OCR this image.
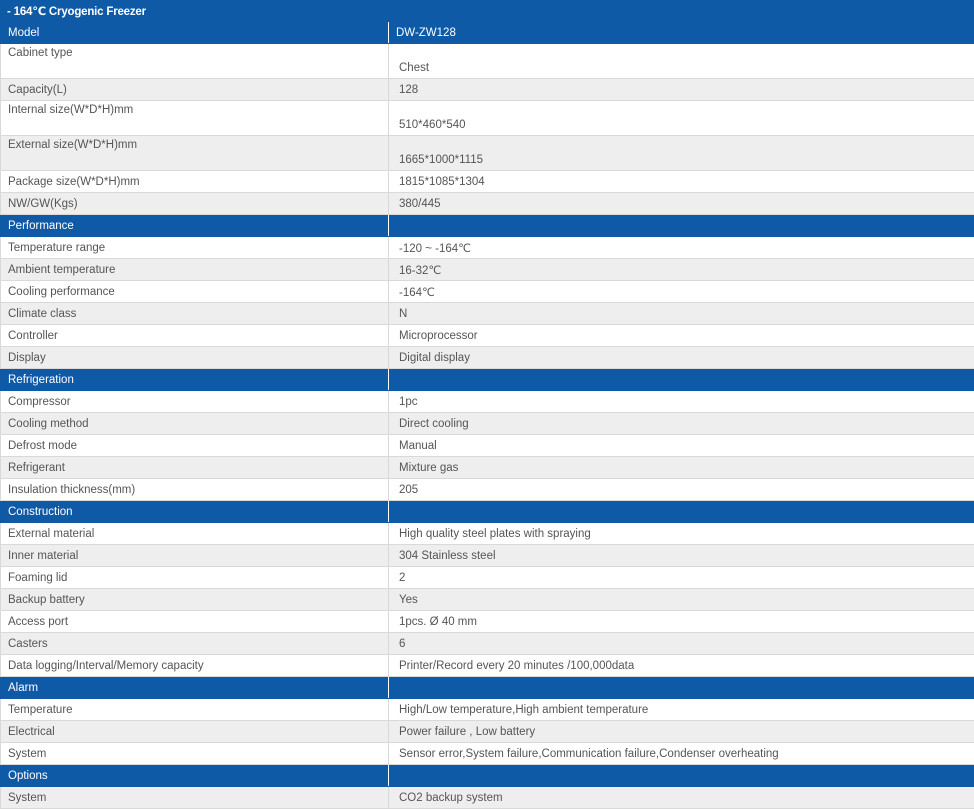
- 164℃ Cryogenic Freezer	
Model	DW-ZW128
Cabinet type	Chest
Capacity(L)	128
Internal size(W*D*H)mm	510*460*540
External size(W*D*H)mm	1665*1000*1115
Package size(W*D*H)mm	1815*1085*1304
NW/GW(Kgs)	380/445
Performance	
Temperature range	-120 ~ -164℃
Ambient temperature	16-32℃
Cooling performance	-164℃
Climate class	N
Controller	Microprocessor
Display	Digital display
Refrigeration	
Compressor	1pc
Cooling method	Direct cooling
Defrost mode	Manual
Refrigerant	Mixture gas
Insulation thickness(mm)	205
Construction	
External material	High quality steel plates with spraying
Inner material	304 Stainless steel
Foaming lid	2
Backup battery	Yes
Access port	1pcs. Ø 40 mm
Casters	6
Data logging/Interval/Memory capacity	Printer/Record every 20 minutes /100,000data
Alarm	
Temperature	High/Low temperature,High ambient temperature
Electrical	Power failure , Low battery
System	Sensor error,System failure,Communication failure,Condenser overheating
Options	
System	CO2 backup system
